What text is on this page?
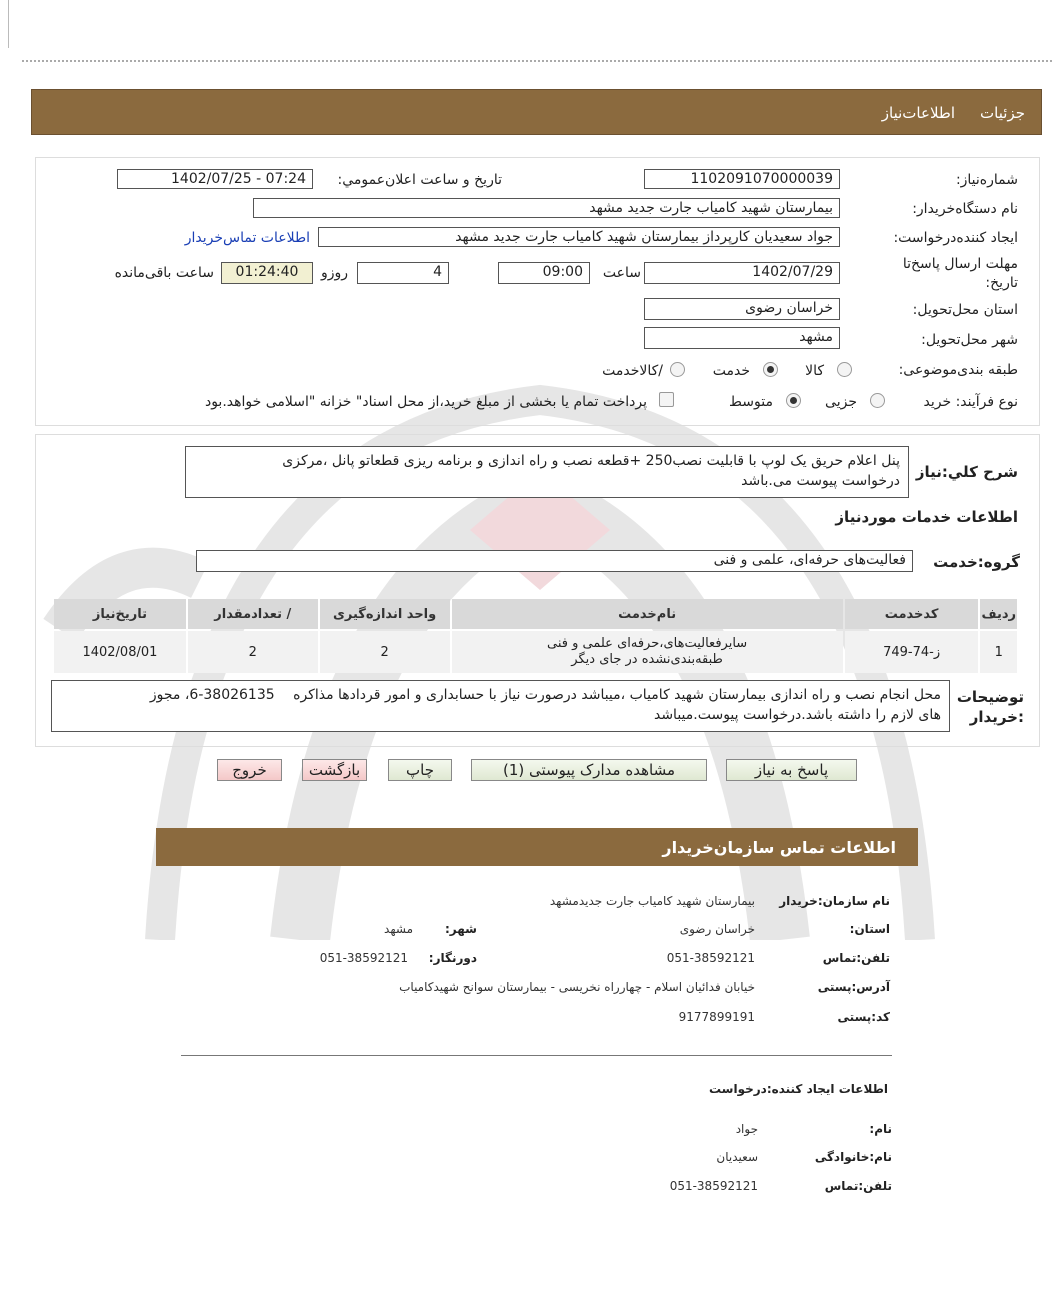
جزئیات
اطلاعات‌نیاز
شماره‌نیاز:
1102091070000039
تاریخ و ساعت اعلان‌عمومي:
1402/07/25 - 07:24
نام دستگاه‌خریدار:
بیمارستان شهید کامیاب جارت جدید مشهد
ایجاد کننده‌درخواست:
جواد سعیدیان کارپرداز بیمارستان شهید کامیاب جارت جدید مشهد
اطلاعات تماس‌خریدار
مهلت ارسال پاسخ‌تا
تاریخ:
1402/07/29
ساعت
09:00
4
روزو
01:24:40
ساعت باقی‌مانده
استان محل‌تحویل:
خراسان رضوی
شهر محل‌تحویل:
مشهد
طبقه بندی‌موضوعی:
کالا
خدمت
/کالاخدمت
نوع فرآیند: خرید
جزیی
متوسط
پرداخت تمام یا بخشی از مبلغ خرید،از محل اسناد" خزانه "اسلامی خواهد.بود
شرح کلي:نیاز
پنل اعلام حریق یک لوپ با قابلیت نصب250 +قطعه نصب و راه اندازی و برنامه ریزی قطعاتو پانل ،مرکزی
درخواست پیوست می.باشد
اطلاعات خدمات موردنیاز
گروه:خدمت
فعالیت‌های حرفه‌ای، علمی و فنی
ردیف	کدخدمت	نام‌خدمت	واحد اندازه‌گیری	/ تعدادمقدار	تاریخ‌نیاز
1	ز-74-749	سایرفعالیت‌های،حرفه‌ای علمی و فنی
طبقه‌بندی‌نشده در جای دیگر	2	2	1402/08/01
توضیحات
:خریدار
محل انجام نصب و راه اندازی بیمارستان شهید کامیاب ،میباشد درصورت نیاز با حسابداری و امور قردادها مذاکره 38026135-6، مجوز
های لازم را داشته باشد.درخواست پیوست.میباشد
پاسخ به نیاز
مشاهده مدارک پیوستی (1)
چاپ
بازگشت
خروج
اطلاعات تماس سازمان‌خریدار
نام سازمان:خریدار
بیمارستان شهید کامیاب جارت جدیدمشهد
استان:
خراسان رضوی
شهر:
مشهد
تلفن:تماس
051-38592121
دورنگار:
051-38592121
آدرس:پستی
خیابان فدائیان اسلام - چهارراه نخریسی - بیمارستان سوانح شهیدکامیاب
کد:پستی
9177899191
اطلاعات ایجاد کننده:درخواست
نام:
جواد
نام:خانوادگی
سعیدیان
تلفن:تماس
051-38592121
